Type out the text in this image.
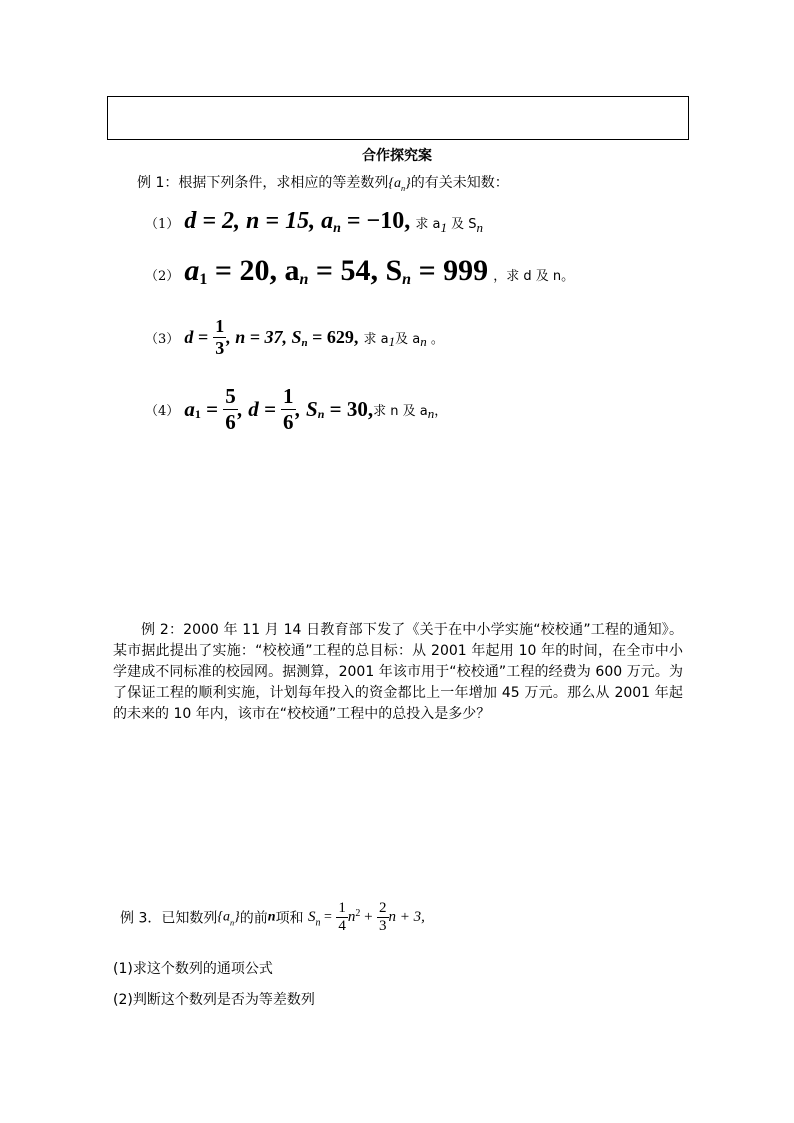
合作探究案
例 1：根据下列条件，求相应的等差数列$\{a_n\}$的有关未知数：
（1） d = 2, n = 15, $a_n = -10$, 求 $a_1$ 及 $S_n$
（2） $a_1 = 20$, $a_n = 54$, $S_n = 999$ ，求 d 及 n。
（3） $d = \frac{1}{3}$ , n = 37, $S_n = 629$, 求 $a_1$及 $a_n$ 。
（4） $a_1 = \frac{5}{6}$ , $d = \frac{1}{6}$ , $S_n = 30$,求 n 及 $a_n$，
例 2：2000 年 11 月 14 日教育部下发了《关于在中小学实施“校校通”工程的通知》。某市据此提出了实施：“校校通”工程的总目标：从 2001 年起用 10 年的时间，在全市中小学建成不同标准的校园网。据测算，2001 年该市用于“校校通”工程的经费为 600 万元。为了保证工程的顺利实施，计划每年投入的资金都比上一年增加 45 万元。那么从 2001 年起的未来的 10 年内，该市在“校校通”工程中的总投入是多少？
例 3．已知数列$\{a_n\}$的前n项和 $S_n = \frac{1}{4} n^2 + \frac{2}{3}$ n + 3,
(1)求这个数列的通项公式
(2)判断这个数列是否为等差数列
